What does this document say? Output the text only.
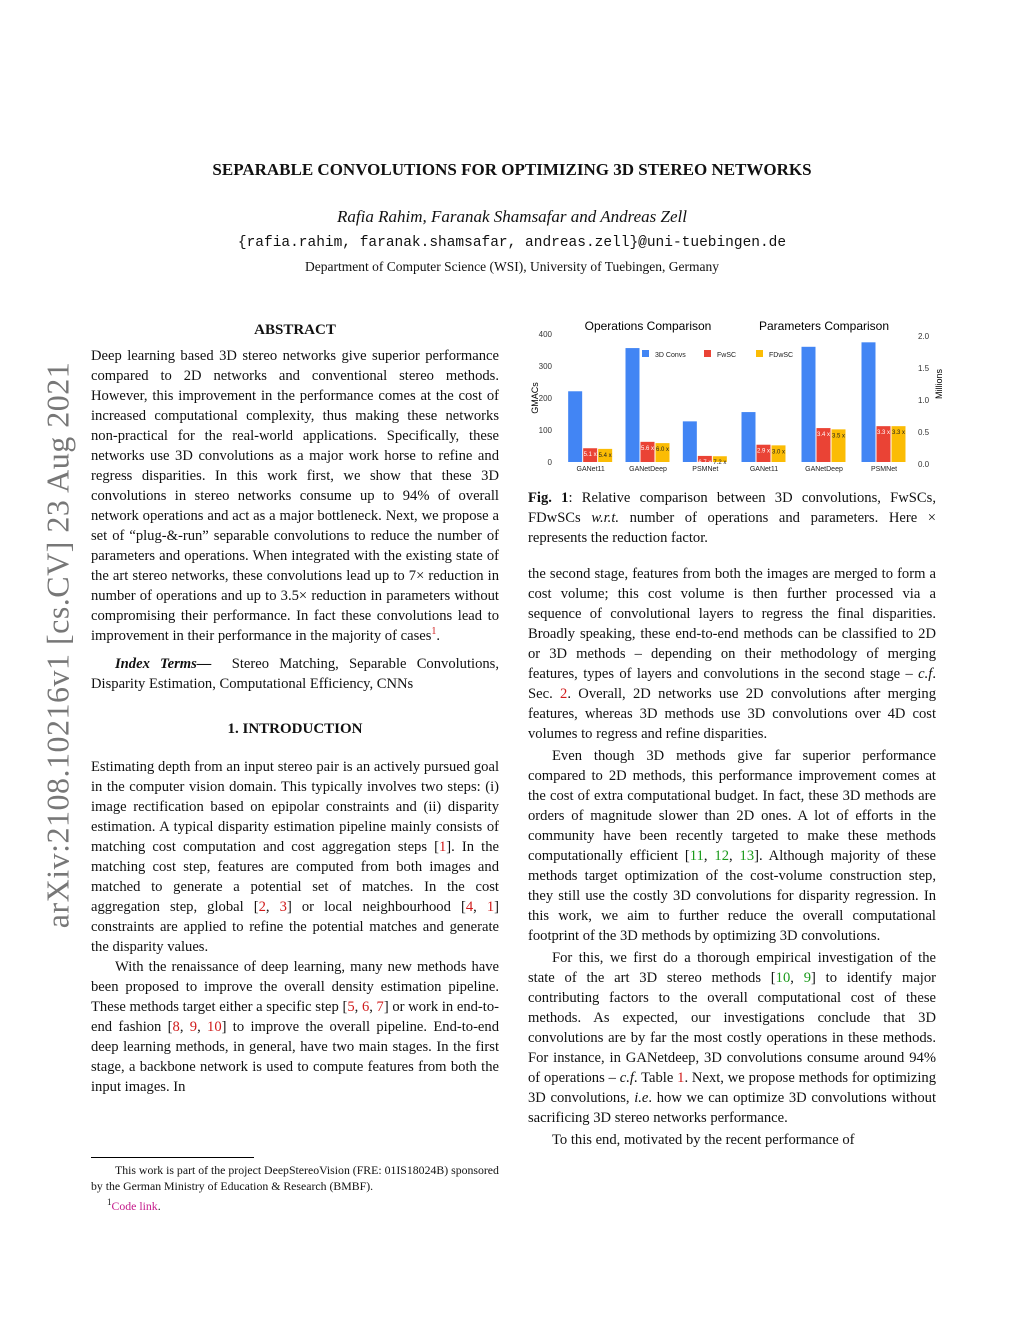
arXiv:2108.10216v1 [cs.CV] 23 Aug 2021
SEPARABLE CONVOLUTIONS FOR OPTIMIZING 3D STEREO NETWORKS
Rafia Rahim, Faranak Shamsafar and Andreas Zell
{rafia.rahim, faranak.shamsafar, andreas.zell}@uni-tuebingen.de
Department of Computer Science (WSI), University of Tuebingen, Germany
ABSTRACT

Deep learning based 3D stereo networks give superior performance compared to 2D networks and conventional stereo methods. However, this improvement in the performance comes at the cost of increased computational complexity, thus making these networks non-practical for the real-world applications. Specifically, these networks use 3D convolutions as a major work horse to refine and regress disparities. In this work first, we show that these 3D convolutions in stereo networks consume up to 94% of overall network operations and act as a major bottleneck. Next, we propose a set of “plug-&-run” separable convolutions to reduce the number of parameters and operations. When integrated with the existing state of the art stereo networks, these convolutions lead up to 7× reduction in number of operations and up to 3.5× reduction in parameters without compromising their performance. In fact these convolutions lead to improvement in their performance in the majority of cases$^1$.

Index Terms— Stereo Matching, Separable Convolutions, Disparity Estimation, Computational Efficiency, CNNs

1. INTRODUCTION

Estimating depth from an input stereo pair is an actively pursued goal in the computer vision domain. This typically involves two steps: (i) image rectification based on epipolar constraints and (ii) disparity estimation. A typical disparity estimation pipeline mainly consists of matching cost computation and cost aggregation steps [1]. In the matching cost step, features are computed from both images and matched to generate a potential set of matches. In the cost aggregation step, global [2, 3] or local neighbourhood [4, 1] constraints are applied to refine the potential matches and generate the disparity values.

With the renaissance of deep learning, many new methods have been proposed to improve the overall density estimation pipeline. These methods target either a specific step [5, 6, 7] or work in end-to-end fashion [8, 9, 10] to improve the overall pipeline. End-to-end deep learning methods, in general, have two main stages. In the first stage, a backbone network is used to compute features from both the input images. In

This work is part of the project DeepStereoVision (FRE: 01IS18024B) sponsored by the German Ministry of Education & Research (BMBF).
$^1$Code link.
Operations Comparison
0
100
200
300
400
GMACs
5.1 x 5.4 x
GANet11
5.6 x 6.0 x
GANetDeep
6.7 x 7.2 x
PSMNet
3D Convs	FwSC	FDwSC
Parameters Comparison
0.0
0.5
1.0
1.5
2.0
Millions
2.9 x 3.0 x
GANet11
3.4 x 3.5 x
GANetDeep
3.3 x 3.3 x
PSMNet
Fig. 1: Relative comparison between 3D convolutions, FwSCs, FDwSCs w.r.t. number of operations and parameters. Here × represents the reduction factor.

the second stage, features from both the images are merged to form a cost volume; this cost volume is then further processed via a sequence of convolutional layers to regress the final disparities. Broadly speaking, these end-to-end methods can be classified to 2D or 3D methods – depending on their methodology of merging features, types of layers and convolutions in the second stage – c.f. Sec. 2. Overall, 2D networks use 2D convolutions after merging features, whereas 3D methods use 3D convolutions over 4D cost volumes to regress and refine disparities.

Even though 3D methods give far superior performance compared to 2D methods, this performance improvement comes at the cost of extra computational budget. In fact, these 3D methods are orders of magnitude slower than 2D ones. A lot of efforts in the community have been recently targeted to make these methods computationally efficient [11, 12, 13]. Although majority of these methods target optimization of the cost-volume construction step, they still use the costly 3D convolutions for disparity regression. In this work, we aim to further reduce the overall computational footprint of the 3D methods by optimizing 3D convolutions.

For this, we first do a thorough empirical investigation of the state of the art 3D stereo methods [10, 9] to identify major contributing factors to the overall computational cost of these methods. As expected, our investigations conclude that 3D convolutions are by far the most costly operations in these methods. For instance, in GANetdeep, 3D convolutions consume around 94% of operations – c.f. Table 1. Next, we propose methods for optimizing 3D convolutions, i.e. how we can optimize 3D convolutions without sacrificing 3D stereo networks performance.

To this end, motivated by the recent performance of
